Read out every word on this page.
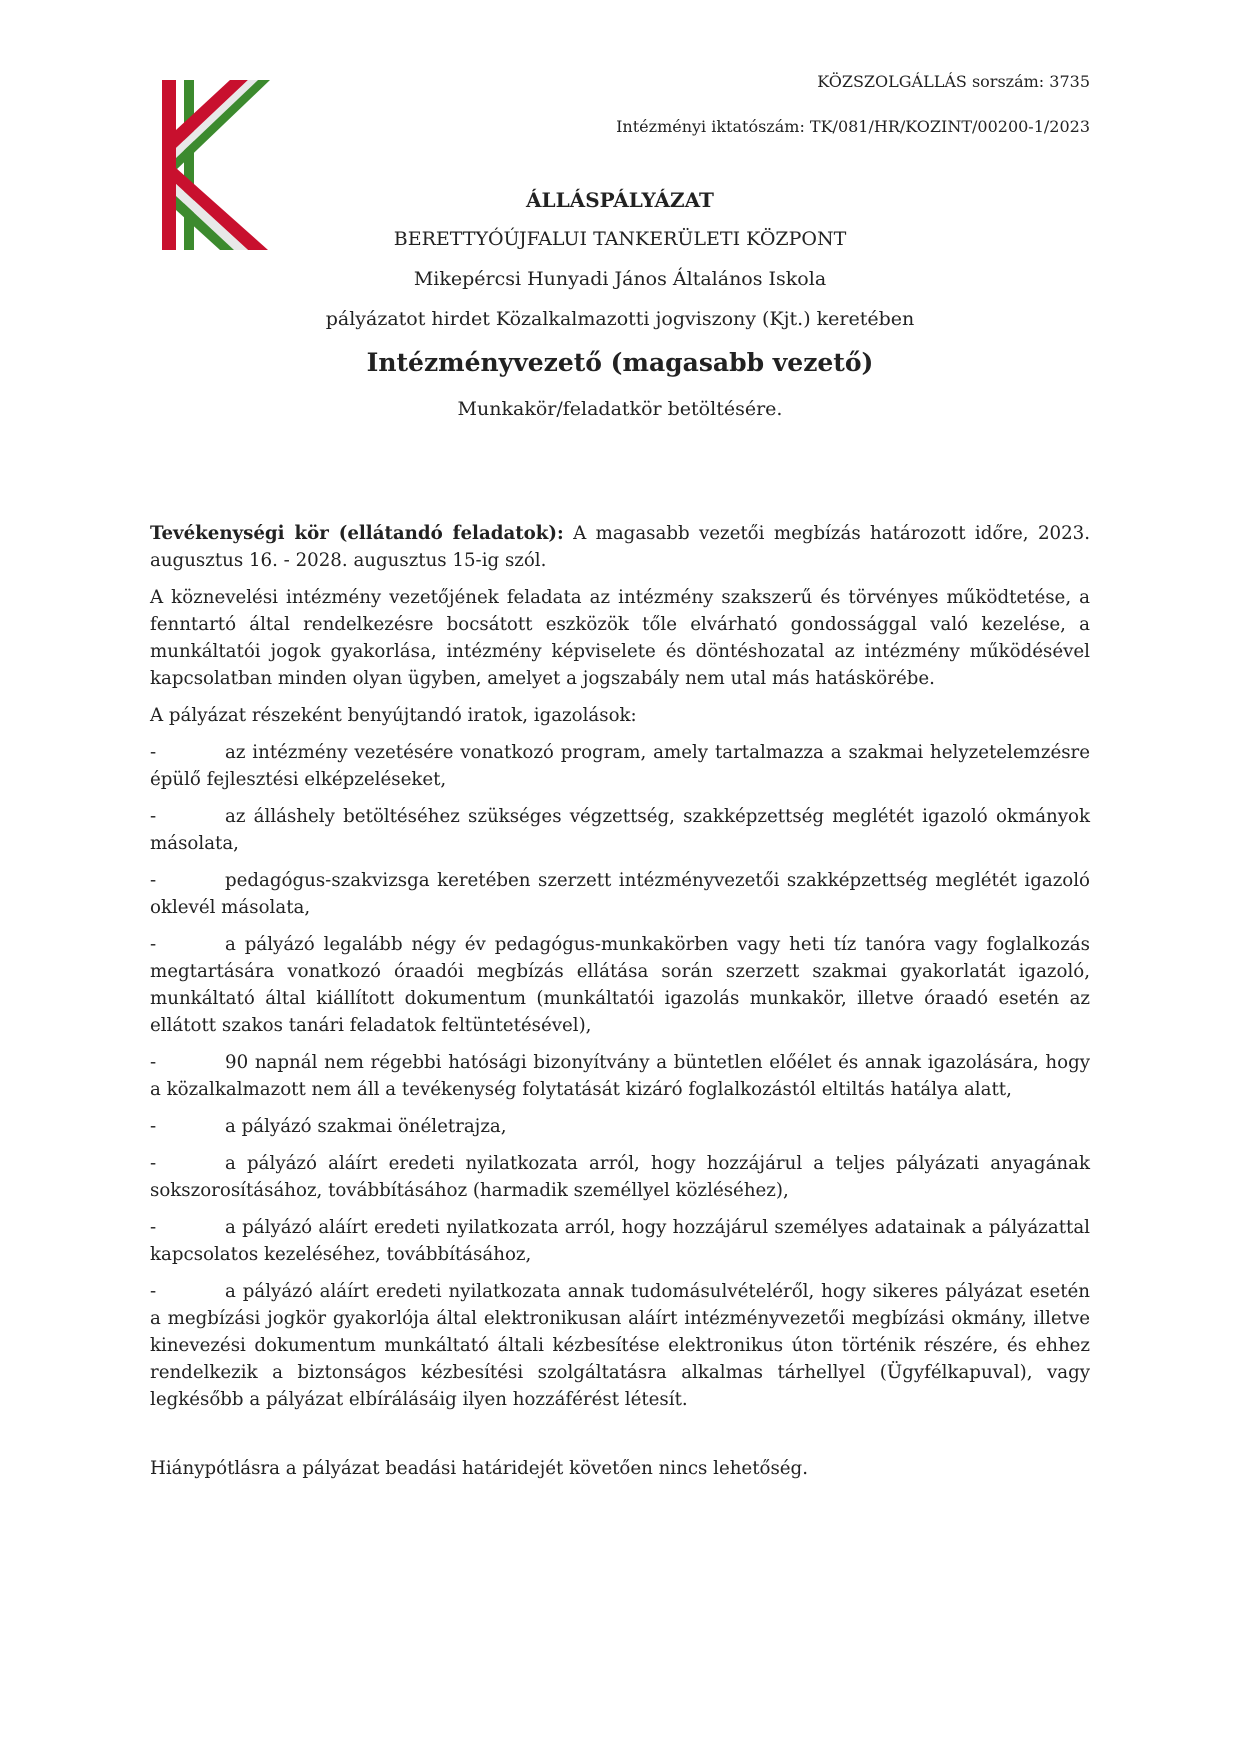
KÖZSZOLGÁLLÁS sorszám: 3735
Intézményi iktatószám: TK/081/HR/KOZINT/00200-1/2023
ÁLLÁSPÁLYÁZAT
BERETTYÓÚJFALUI TANKERÜLETI KÖZPONT
Mikepércsi Hunyadi János Általános Iskola
pályázatot hirdet Közalkalmazotti jogviszony (Kjt.) keretében
Intézményvezető (magasabb vezető)
Munkakör/feladatkör betöltésére.

Tevékenységi kör (ellátandó feladatok): A magasabb vezetői megbízás határozott időre, 2023. augusztus 16. - 2028. augusztus 15-ig szól.

A köznevelési intézmény vezetőjének feladata az intézmény szakszerű és törvényes működtetése, a fenntartó által rendelkezésre bocsátott eszközök tőle elvárható gondossággal való kezelése, a munkáltatói jogok gyakorlása, intézmény képviselete és döntéshozatal az intézmény működésével kapcsolatban minden olyan ügyben, amelyet a jogszabály nem utal más hatáskörébe.

A pályázat részeként benyújtandó iratok, igazolások:

-	az intézmény vezetésére vonatkozó program, amely tartalmazza a szakmai helyzetelemzésre épülő fejlesztési elképzeléseket,
-	az álláshely betöltéséhez szükséges végzettség, szakképzettség meglétét igazoló okmányok másolata,
-	pedagógus-szakvizsga keretében szerzett intézményvezetői szakképzettség meglétét igazoló oklevél másolata,
-	a pályázó legalább négy év pedagógus-munkakörben vagy heti tíz tanóra vagy foglalkozás megtartására vonatkozó óraadói megbízás ellátása során szerzett szakmai gyakorlatát igazoló, munkáltató által kiállított dokumentum (munkáltatói igazolás munkakör, illetve óraadó esetén az ellátott szakos tanári feladatok feltüntetésével),
-	90 napnál nem régebbi hatósági bizonyítvány a büntetlen előélet és annak igazolására, hogy a közalkalmazott nem áll a tevékenység folytatását kizáró foglalkozástól eltiltás hatálya alatt,
-	a pályázó szakmai önéletrajza,
-	a pályázó aláírt eredeti nyilatkozata arról, hogy hozzájárul a teljes pályázati anyagának sokszorosításához, továbbításához (harmadik személlyel közléséhez),
-	a pályázó aláírt eredeti nyilatkozata arról, hogy hozzájárul személyes adatainak a pályázattal kapcsolatos kezeléséhez, továbbításához,
-	a pályázó aláírt eredeti nyilatkozata annak tudomásulvételéről, hogy sikeres pályázat esetén a megbízási jogkör gyakorlója által elektronikusan aláírt intézményvezetői megbízási okmány, illetve kinevezési dokumentum munkáltató általi kézbesítése elektronikus úton történik részére, és ehhez rendelkezik a biztonságos kézbesítési szolgáltatásra alkalmas tárhellyel (Ügyfélkapuval), vagy legkésőbb a pályázat elbírálásáig ilyen hozzáférést létesít.

Hiánypótlásra a pályázat beadási határidejét követően nincs lehetőség.
